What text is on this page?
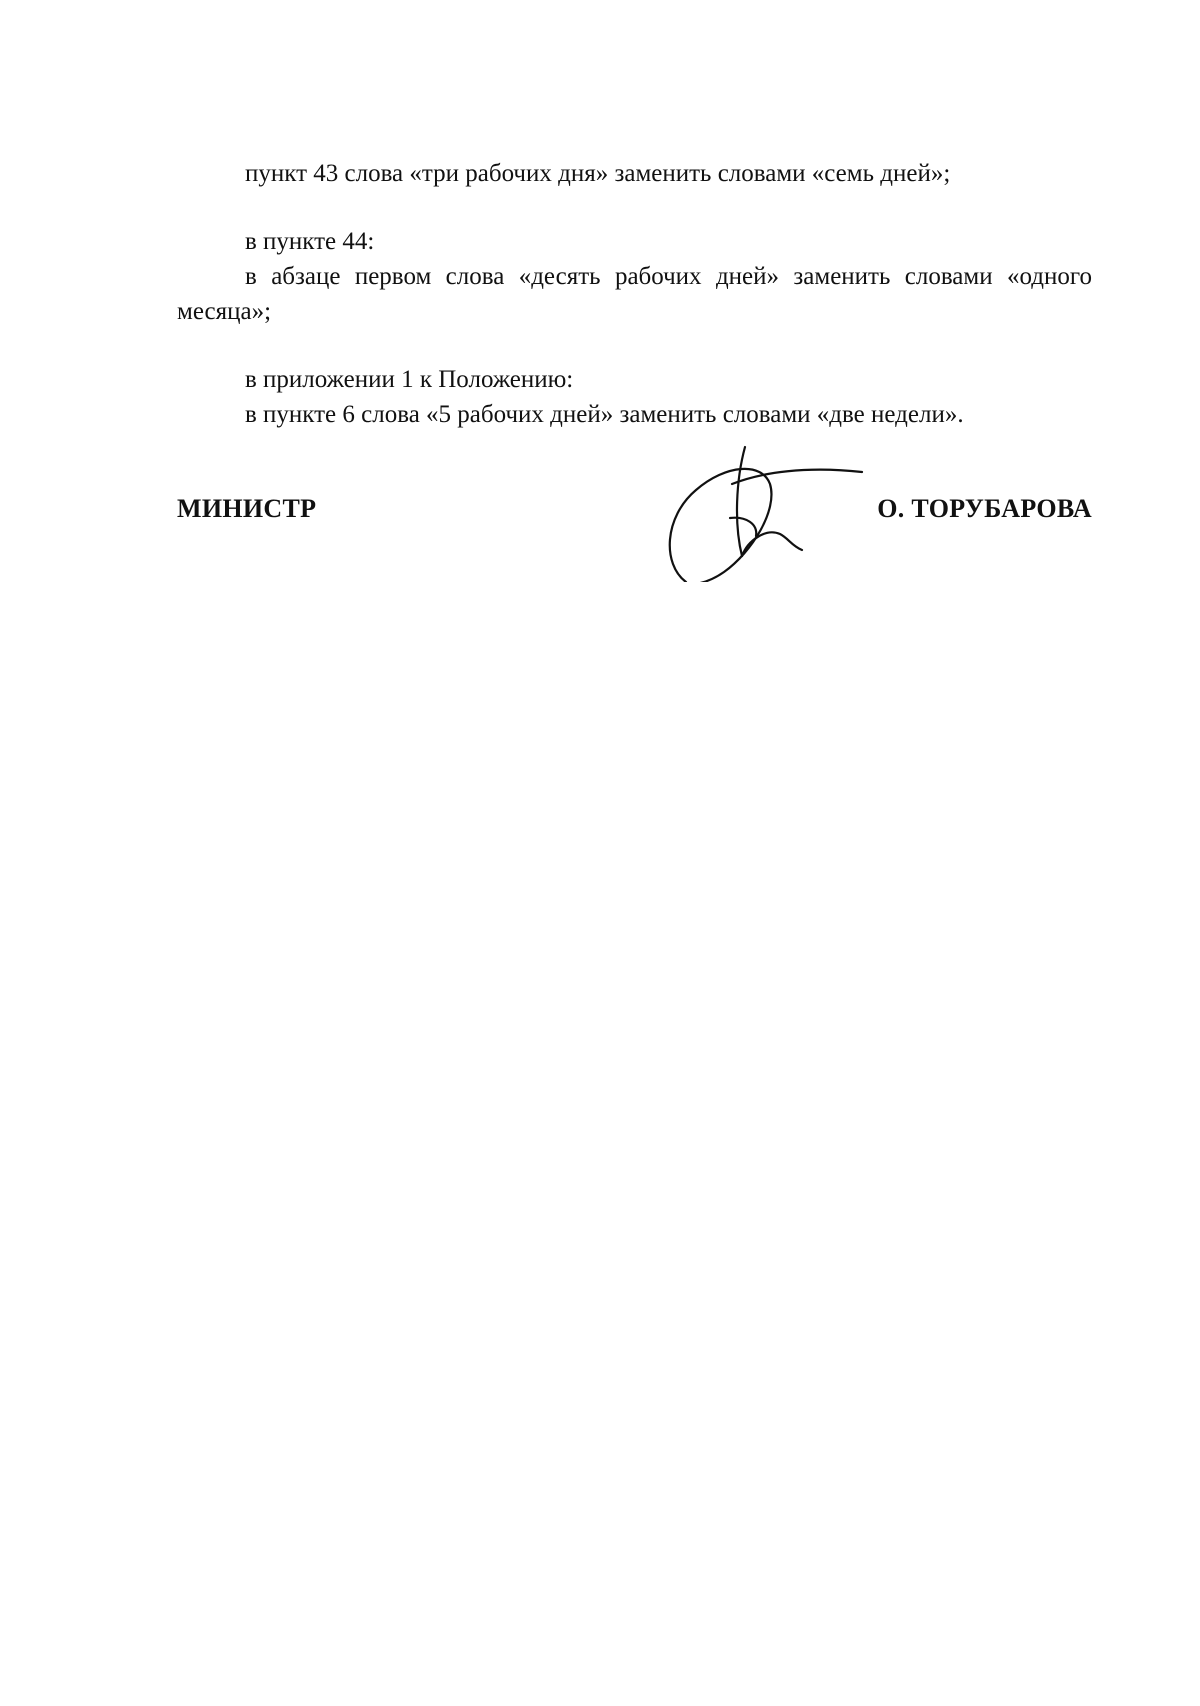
пункт 43 слова «три рабочих дня» заменить словами «семь дней»;

в пункте 44:

в абзаце первом слова «десять рабочих дней» заменить словами «одного месяца»;

в приложении 1 к Положению:

в пункте 6 слова «5 рабочих дней» заменить словами «две недели».

МИНИСТР	О. ТОРУБАРОВА
